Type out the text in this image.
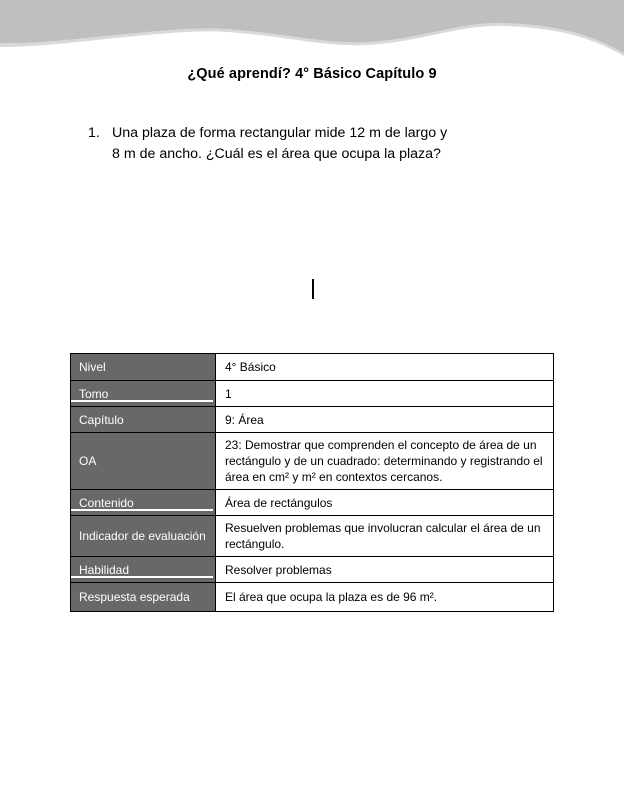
¿Qué aprendí? 4° Básico Capítulo 9
1. Una plaza de forma rectangular mide 12 m de largo y
8 m de ancho. ¿Cuál es el área que ocupa la plaza?
Nivel	4° Básico
Tomo	1
Capítulo	9: Área
OA	23: Demostrar que comprenden el concepto de área de un rectángulo y de un cuadrado: determinando y registrando el área en cm² y m² en contextos cercanos.
Contenido	Área de rectángulos
Indicador de evaluación	Resuelven problemas que involucran calcular el área de un rectángulo.
Habilidad	Resolver problemas
Respuesta esperada	El área que ocupa la plaza es de 96 m².
